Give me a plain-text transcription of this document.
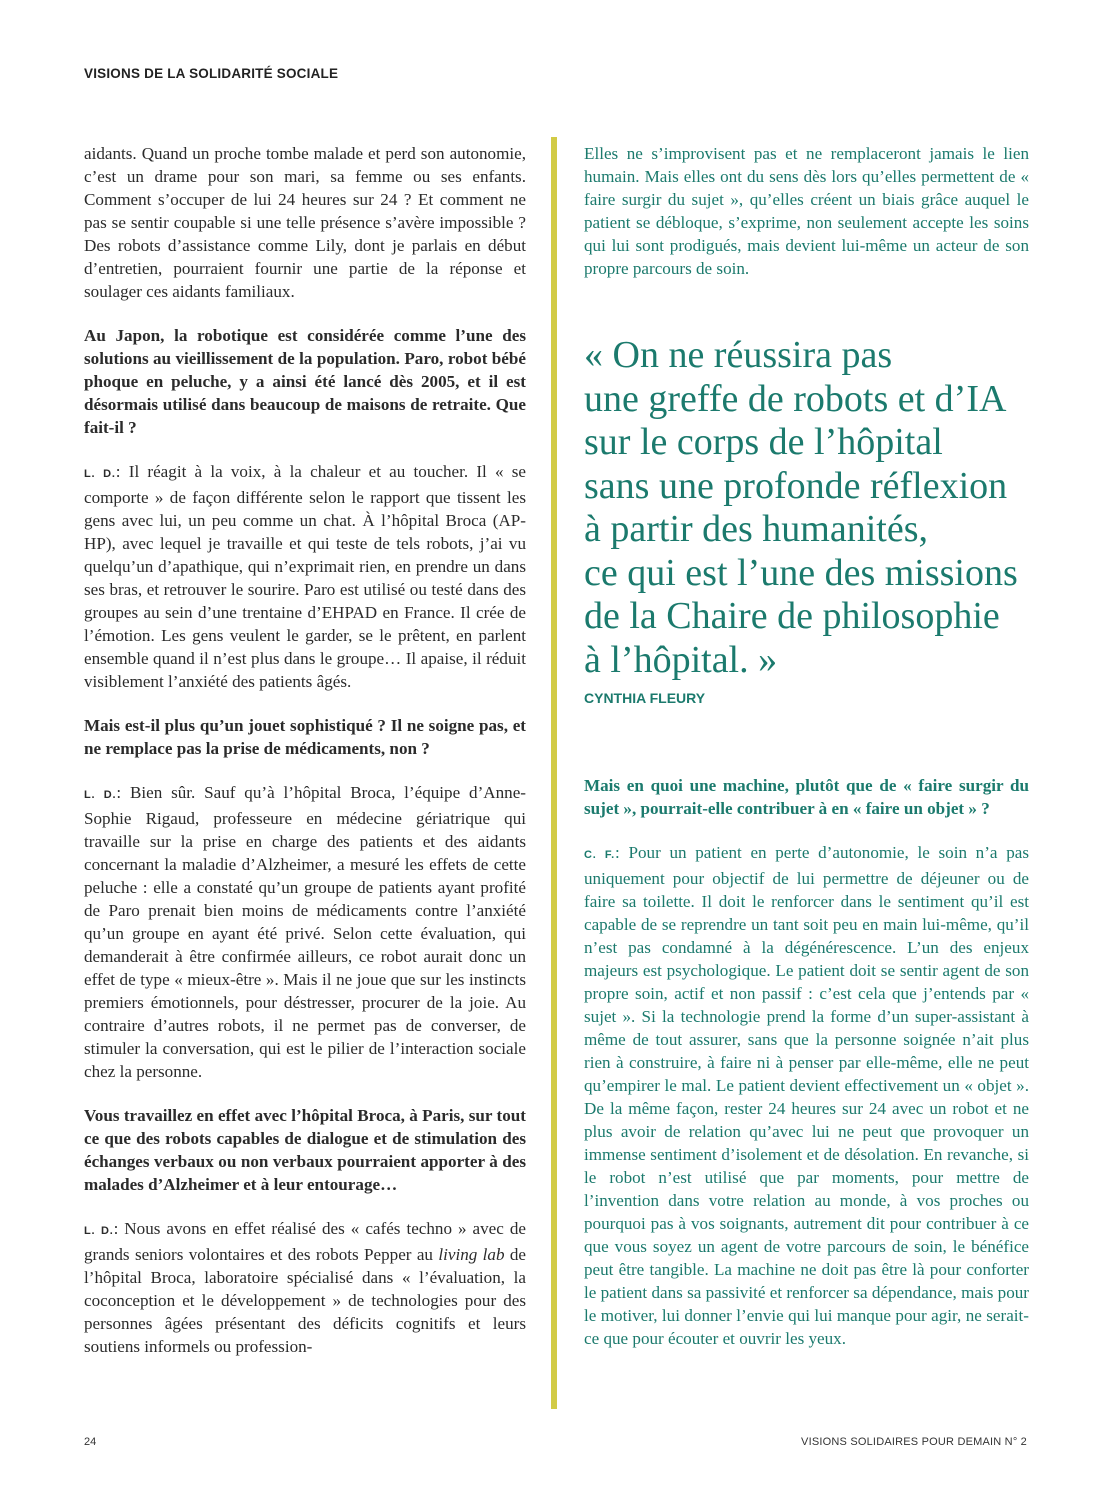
VISIONS DE LA SOLIDARITÉ SOCIALE

aidants. Quand un proche tombe malade et perd son autonomie, c’est un drame pour son mari, sa femme ou ses enfants. Comment s’occuper de lui 24 heures sur 24 ? Et comment ne pas se sentir coupable si une telle présence s’avère impossible ? Des robots d’assistance comme Lily, dont je parlais en début d’entretien, pourraient fournir une partie de la réponse et soulager ces aidants familiaux.

Au Japon, la robotique est considérée comme l’une des solutions au vieillissement de la population. Paro, robot bébé phoque en peluche, y a ainsi été lancé dès 2005, et il est désormais utilisé dans beaucoup de maisons de retraite. Que fait-il ?

L. D.: Il réagit à la voix, à la chaleur et au toucher. Il « se comporte » de façon différente selon le rapport que tissent les gens avec lui, un peu comme un chat. À l’hôpital Broca (AP-HP), avec lequel je travaille et qui teste de tels robots, j’ai vu quelqu’un d’apathique, qui n’exprimait rien, en prendre un dans ses bras, et retrouver le sourire. Paro est utilisé ou testé dans des groupes au sein d’une trentaine d’EHPAD en France. Il crée de l’émotion. Les gens veulent le garder, se le prêtent, en parlent ensemble quand il n’est plus dans le groupe… Il apaise, il réduit visiblement l’anxiété des patients âgés.

Mais est-il plus qu’un jouet sophistiqué ? Il ne soigne pas, et ne remplace pas la prise de médicaments, non ?

L. D.: Bien sûr. Sauf qu’à l’hôpital Broca, l’équipe d’Anne-Sophie Rigaud, professeure en médecine gériatrique qui travaille sur la prise en charge des patients et des aidants concernant la maladie d’Alzheimer, a mesuré les effets de cette peluche : elle a constaté qu’un groupe de patients ayant profité de Paro prenait bien moins de médicaments contre l’anxiété qu’un groupe en ayant été privé. Selon cette évaluation, qui demanderait à être confirmée ailleurs, ce robot aurait donc un effet de type « mieux-être ». Mais il ne joue que sur les instincts premiers émotionnels, pour déstresser, procurer de la joie. Au contraire d’autres robots, il ne permet pas de converser, de stimuler la conversation, qui est le pilier de l’interaction sociale chez la personne.

Vous travaillez en effet avec l’hôpital Broca, à Paris, sur tout ce que des robots capables de dialogue et de stimulation des échanges verbaux ou non verbaux pourraient apporter à des malades d’Alzheimer et à leur entourage…

L. D.: Nous avons en effet réalisé des « cafés techno » avec de grands seniors volontaires et des robots Pepper au living lab de l’hôpital Broca, laboratoire spécialisé dans « l’évaluation, la coconception et le développement » de technologies pour des personnes âgées présentant des déficits cognitifs et leurs soutiens informels ou profession-

Elles ne s’improvisent pas et ne remplaceront jamais le lien humain. Mais elles ont du sens dès lors qu’elles permettent de « faire surgir du sujet », qu’elles créent un biais grâce auquel le patient se débloque, s’exprime, non seulement accepte les soins qui lui sont prodigués, mais devient lui-même un acteur de son propre parcours de soin.

« On ne réussira pas
une greffe de robots et d’IA
sur le corps de l’hôpital
sans une profonde réflexion
à partir des humanités,
ce qui est l’une des missions
de la Chaire de philosophie
à l’hôpital. »
CYNTHIA FLEURY

Mais en quoi une machine, plutôt que de « faire surgir du sujet », pourrait-elle contribuer à en « faire un objet » ?

C. F.: Pour un patient en perte d’autonomie, le soin n’a pas uniquement pour objectif de lui permettre de déjeuner ou de faire sa toilette. Il doit le renforcer dans le sentiment qu’il est capable de se reprendre un tant soit peu en main lui-même, qu’il n’est pas condamné à la dégénérescence. L’un des enjeux majeurs est psychologique. Le patient doit se sentir agent de son propre soin, actif et non passif : c’est cela que j’entends par « sujet ». Si la technologie prend la forme d’un super-assistant à même de tout assurer, sans que la personne soignée n’ait plus rien à construire, à faire ni à penser par elle-même, elle ne peut qu’empirer le mal. Le patient devient effectivement un « objet ». De la même façon, rester 24 heures sur 24 avec un robot et ne plus avoir de relation qu’avec lui ne peut que provoquer un immense sentiment d’isolement et de désolation. En revanche, si le robot n’est utilisé que par moments, pour mettre de l’invention dans votre relation au monde, à vos proches ou pourquoi pas à vos soignants, autrement dit pour contribuer à ce que vous soyez un agent de votre parcours de soin, le bénéfice peut être tangible. La machine ne doit pas être là pour conforter le patient dans sa passivité et renforcer sa dépendance, mais pour le motiver, lui donner l’envie qui lui manque pour agir, ne serait-ce que pour écouter et ouvrir les yeux.

24	VISIONS SOLIDAIRES POUR DEMAIN N° 2
